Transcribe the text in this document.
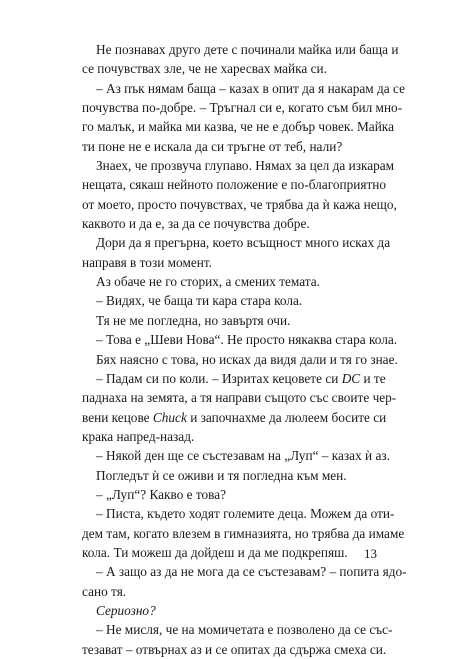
Не познавах друго дете с починали майка или баща и
се почувствах зле, че не харесвах майка си.
– Аз пък нямам баща – казах в опит да я накарам да се
почувства по-добре. – Тръгнал си е, когато съм бил мно-
го малък, и майка ми казва, че не е добър човек. Майка
ти поне не е искала да си тръгне от теб, нали?
Знаех, че прозвуча глупаво. Нямах за цел да изкарам
нещата, сякаш нейното положение е по-благоприятно
от моето, просто почувствах, че трябва да ѝ кажа нещо,
каквото и да е, за да се почувства добре.
Дори да я прегърна, което всъщност много исках да
направя в този момент.
Аз обаче не го сторих, а смених темата.
– Видях, че баща ти кара стара кола.
Тя не ме погледна, но завъртя очи.
– Това е „Шеви Нова“. Не просто някаква стара кола.
Бях наясно с това, но исках да видя дали и тя го знае.
– Падам си по коли. – Изритах кецовете си DC и те
паднаха на земята, а тя направи същото със своите чер-
вени кецове Chuck и започнахме да люлеем босите си
крака напред-назад.
– Някой ден ще се състезавам на „Луп“ – казах ѝ аз.
Погледът ѝ се оживи и тя погледна към мен.
– „Луп“? Какво е това?
– Писта, където ходят големите деца. Можем да оти-
дем там, когато влезем в гимназията, но трябва да имаме
кола. Ти можеш да дойдеш и да ме подкрепяш.
– А защо аз да не мога да се състезавам? – попита ядо-
сано тя.
Сериозно?
– Не мисля, че на момичетата е позволено да се със-
тезават – отвърнах аз и се опитах да сдържа смеха си.
13
